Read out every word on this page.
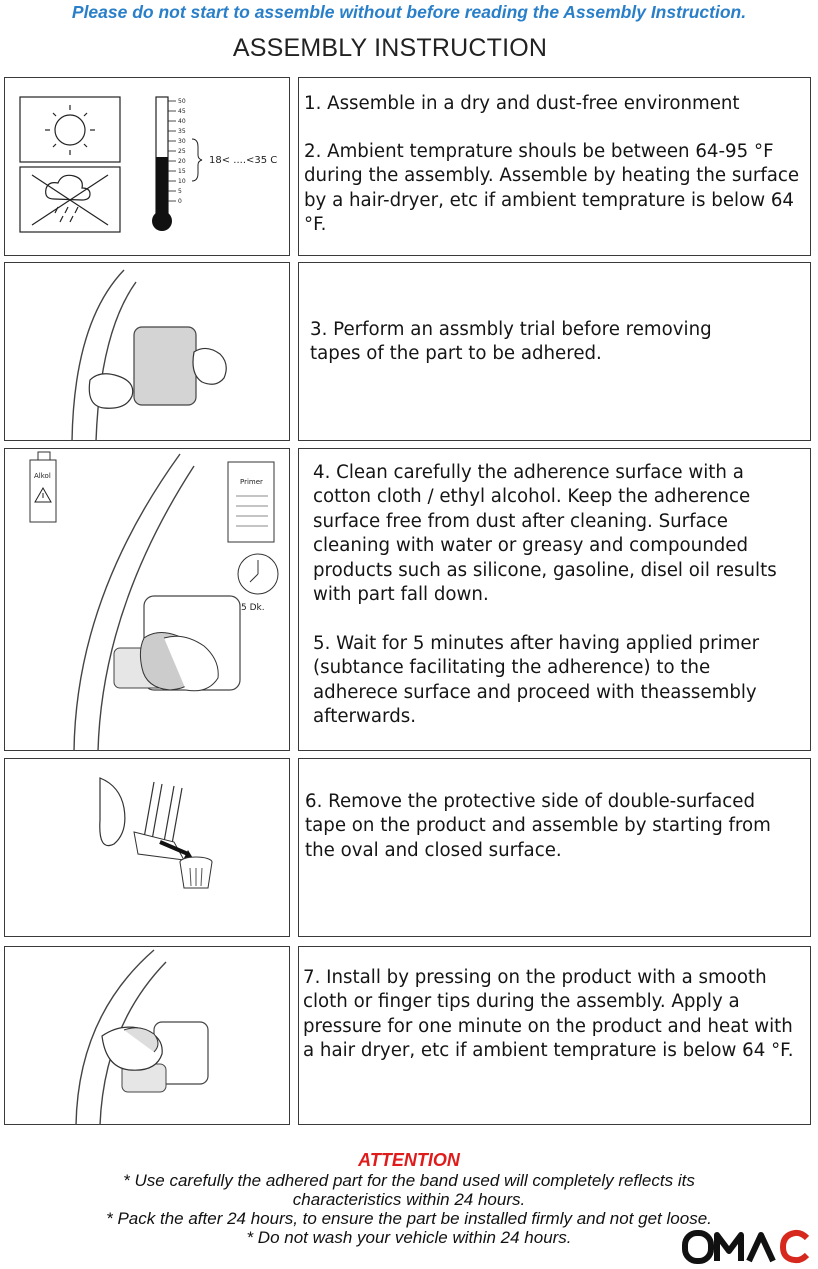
Please do not start to assemble without before reading the Assembly Instruction.
ASSEMBLY INSTRUCTION
1. Assemble in a dry and dust-free environment
2. Ambient temprature shouls be between 64-95 °F during the assembly. Assemble by heating the surface by a hair-dryer, etc if ambient temprature is below 64 °F.
50
45
40
35
30
25
20
15
10
5
0
18< ....<35 C
3. Perform an assmbly trial before removing tapes of the part to be adhered.
4. Clean carefully the adherence surface with a cotton cloth / ethyl alcohol. Keep the adherence surface free from dust after cleaning. Surface cleaning with water or greasy and compounded products such as silicone, gasoline, disel oil results with part fall down.
5. Wait for 5 minutes after having applied primer (subtance facilitating the adherence) to the adherece surface and proceed with theassembly afterwards.
Alkol
Primer
5 Dk.
6. Remove the protective side of double-surfaced tape on the product and assemble by starting from the oval and closed surface.
7. Install by pressing on the product with a smooth cloth or finger tips during the assembly. Apply a pressure for one minute on the product and heat with a hair dryer, etc if ambient temprature is below 64 °F.
ATTENTION
* Use carefully the adhered part for the band used will completely reflects its
characteristics within 24 hours.
* Pack the after 24 hours, to ensure the part be installed firmly and not get loose.
* Do not wash your vehicle within 24 hours.
